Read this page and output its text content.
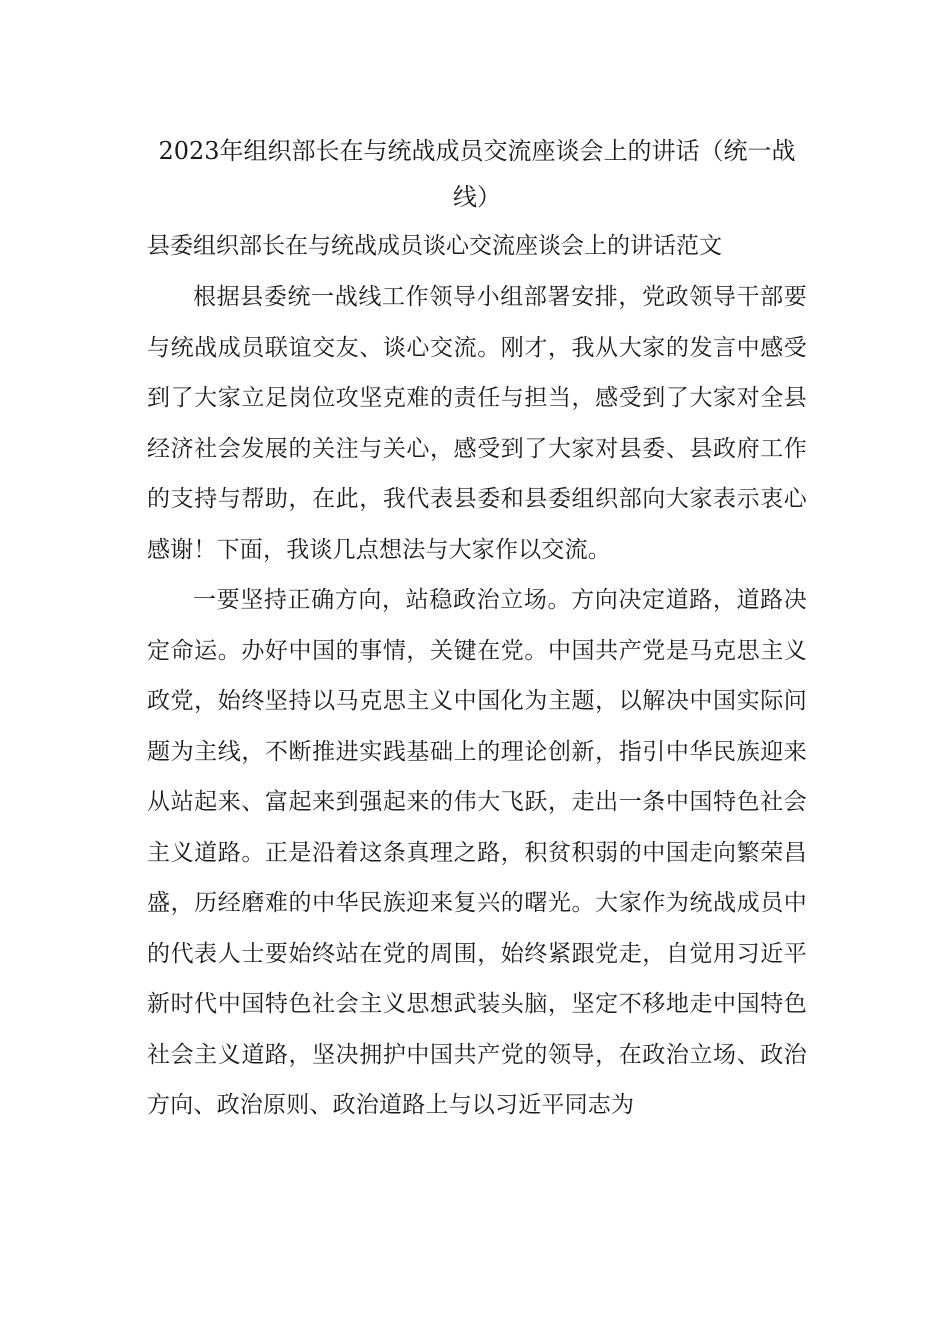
2023年组织部长在与统战成员交流座谈会上的讲话（统一战线）

县委组织部长在与统战成员谈心交流座谈会上的讲话范文

根据县委统一战线工作领导小组部署安排，党政领导干部要与统战成员联谊交友、谈心交流。刚才，我从大家的发言中感受到了大家立足岗位攻坚克难的责任与担当，感受到了大家对全县经济社会发展的关注与关心，感受到了大家对县委、县政府工作的支持与帮助，在此，我代表县委和县委组织部向大家表示衷心感谢！下面，我谈几点想法与大家作以交流。

一要坚持正确方向，站稳政治立场。方向决定道路，道路决定命运。办好中国的事情，关键在党。中国共产党是马克思主义政党，始终坚持以马克思主义中国化为主题，以解决中国实际问题为主线，不断推进实践基础上的理论创新，指引中华民族迎来从站起来、富起来到强起来的伟大飞跃，走出一条中国特色社会主义道路。正是沿着这条真理之路，积贫积弱的中国走向繁荣昌盛，历经磨难的中华民族迎来复兴的曙光。大家作为统战成员中的代表人士要始终站在党的周围，始终紧跟党走，自觉用习近平新时代中国特色社会主义思想武装头脑，坚定不移地走中国特色社会主义道路，坚决拥护中国共产党的领导，在政治立场、政治方向、政治原则、政治道路上与以习近平同志为
